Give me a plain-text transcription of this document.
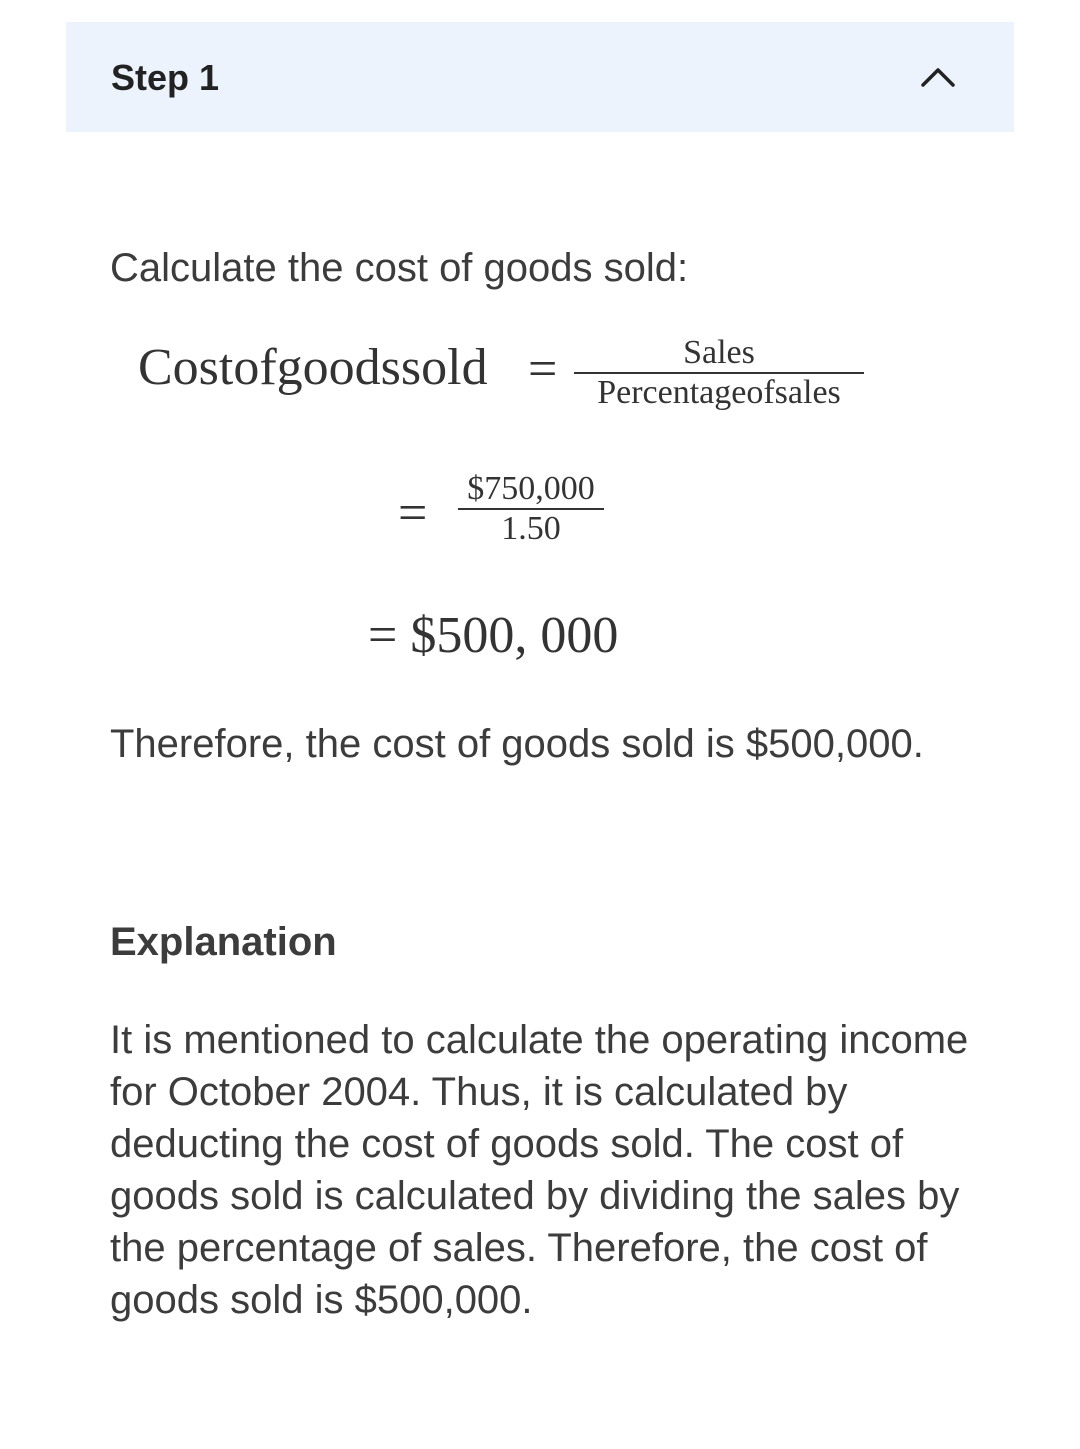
Step 1
Calculate the cost of goods sold:
Costofgoodssold =	Sales
Percentageofsales
= $750,000
1.50
= $500, 000
Therefore, the cost of goods sold is $500,000.
Explanation
It is mentioned to calculate the operating income for October 2004. Thus, it is calculated by deducting the cost of goods sold. The cost of goods sold is calculated by dividing the sales by the percentage of sales. Therefore, the cost of goods sold is $500,000.
